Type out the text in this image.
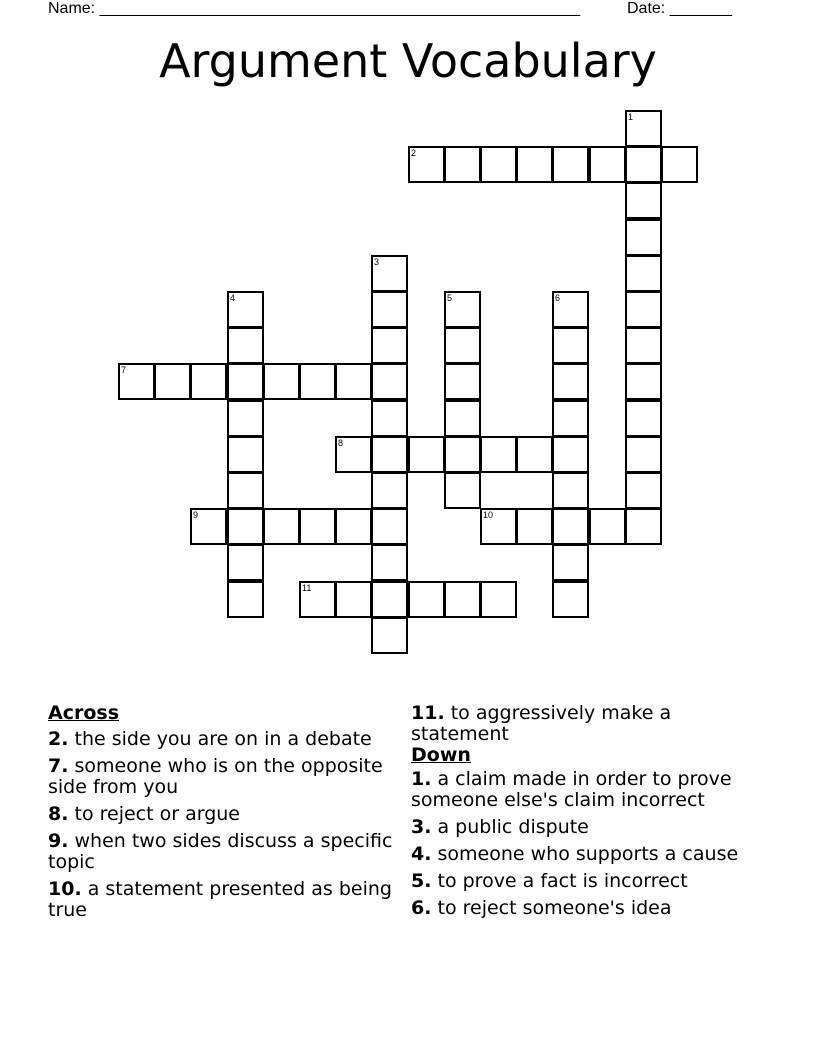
Name: ______________________________________________________	Date: _______
Argument Vocabulary
1
2
3
4	5	6
7
8
9	10
11
Across
2. the side you are on in a debate
7. someone who is on the opposite side from you
8. to reject or argue
9. when two sides discuss a specific topic
10. a statement presented as being true
11. to aggressively make a statement
Down
1. a claim made in order to prove someone else's claim incorrect
3. a public dispute
4. someone who supports a cause
5. to prove a fact is incorrect
6. to reject someone's idea
